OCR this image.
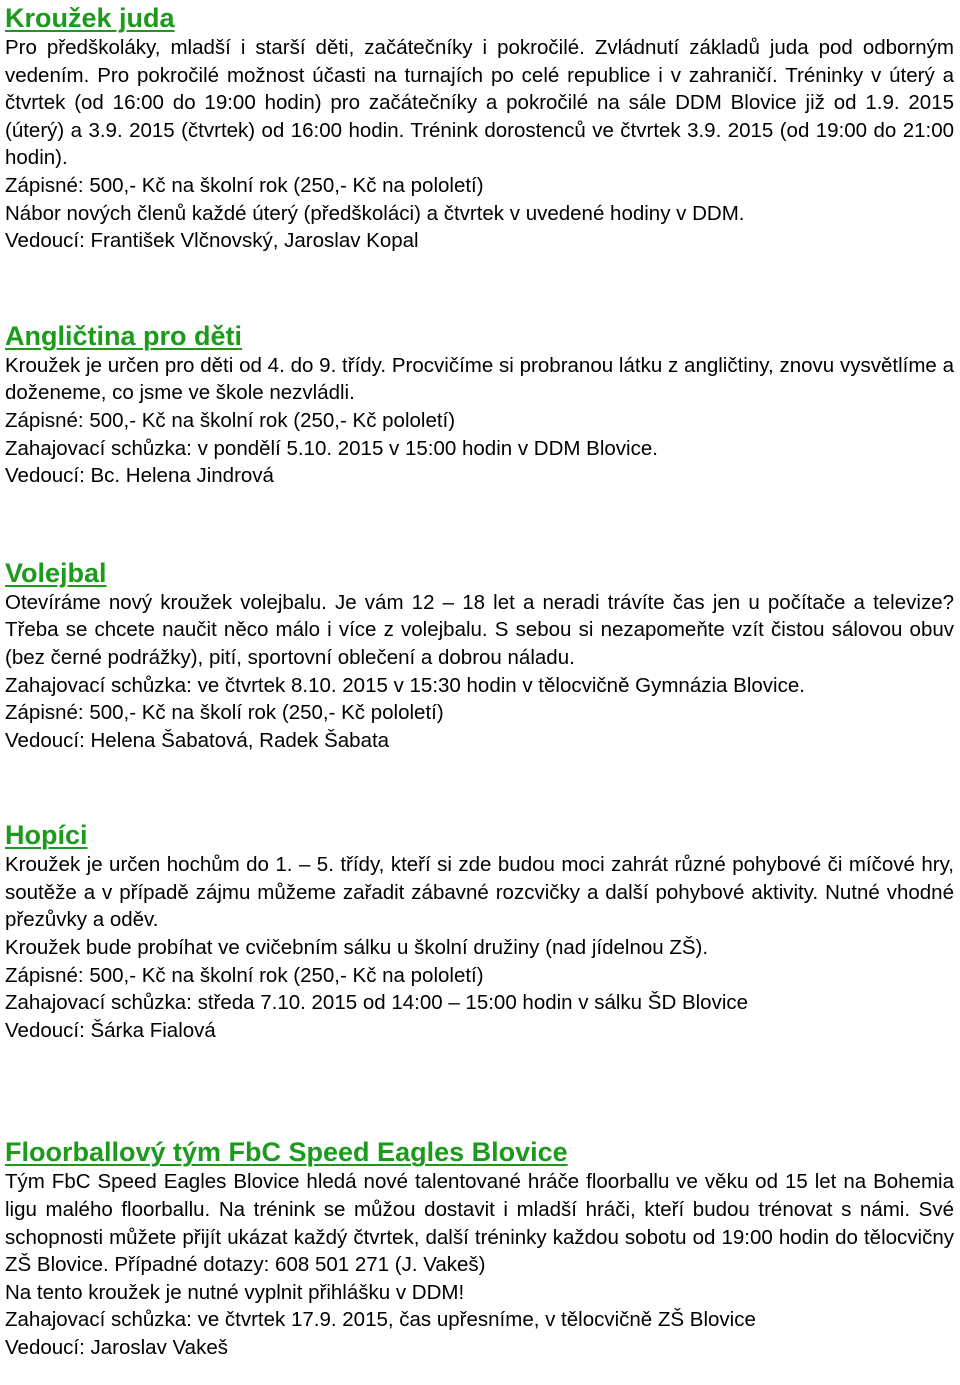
Kroužek juda

Pro předškoláky, mladší i starší děti, začátečníky i pokročilé. Zvládnutí základů juda pod odborným vedením. Pro pokročilé možnost účasti na turnajích po celé republice i v zahraničí. Tréninky v úterý a čtvrtek (od 16:00 do 19:00 hodin) pro začátečníky a pokročilé na sále DDM Blovice již od 1.9. 2015 (úterý) a 3.9. 2015 (čtvrtek) od 16:00 hodin. Trénink dorostenců ve čtvrtek 3.9. 2015 (od 19:00 do 21:00 hodin).

Zápisné: 500,- Kč na školní rok (250,- Kč na pololetí)

Nábor nových členů každé úterý (předškoláci) a čtvrtek v uvedené hodiny v DDM.

Vedoucí: František Vlčnovský, Jaroslav Kopal

Angličtina pro děti

Kroužek je určen pro děti od 4. do 9. třídy. Procvičíme si probranou látku z angličtiny, znovu vysvětlíme a doženeme, co jsme ve škole nezvládli.

Zápisné: 500,- Kč na školní rok (250,- Kč pololetí)

Zahajovací schůzka: v pondělí 5.10. 2015 v 15:00 hodin v DDM Blovice.

Vedoucí: Bc. Helena Jindrová

Volejbal

Otevíráme nový kroužek volejbalu. Je vám 12 – 18 let a neradi trávíte čas jen u počítače a televize? Třeba se chcete naučit něco málo i více z volejbalu. S sebou si nezapomeňte vzít čistou sálovou obuv (bez černé podrážky), pití, sportovní oblečení a dobrou náladu.

Zahajovací schůzka: ve čtvrtek 8.10. 2015 v 15:30 hodin v tělocvičně Gymnázia Blovice.

Zápisné: 500,- Kč na školí rok (250,- Kč pololetí)

Vedoucí: Helena Šabatová, Radek Šabata

Hopíci

Kroužek je určen hochům do 1. – 5. třídy, kteří si zde budou moci zahrát různé pohybové či míčové hry, soutěže a v případě zájmu můžeme zařadit zábavné rozcvičky a další pohybové aktivity. Nutné vhodné přezůvky a oděv.

Kroužek bude probíhat ve cvičebním sálku u školní družiny (nad jídelnou ZŠ).

Zápisné: 500,- Kč na školní rok (250,- Kč na pololetí)

Zahajovací schůzka: středa 7.10. 2015 od 14:00 – 15:00 hodin v sálku ŠD Blovice

Vedoucí: Šárka Fialová

Floorballový tým FbC Speed Eagles Blovice

Tým FbC Speed Eagles Blovice hledá nové talentované hráče floorballu ve věku od 15 let na Bohemia ligu malého floorballu. Na trénink se můžou dostavit i mladší hráči, kteří budou trénovat s námi. Své schopnosti můžete přijít ukázat každý čtvrtek, další tréninky každou sobotu od 19:00 hodin do tělocvičny ZŠ Blovice. Případné dotazy: 608 501 271 (J. Vakeš)

Na tento kroužek je nutné vyplnit přihlášku v DDM!

Zahajovací schůzka: ve čtvrtek 17.9. 2015, čas upřesníme, v tělocvičně ZŠ Blovice

Vedoucí: Jaroslav Vakeš
